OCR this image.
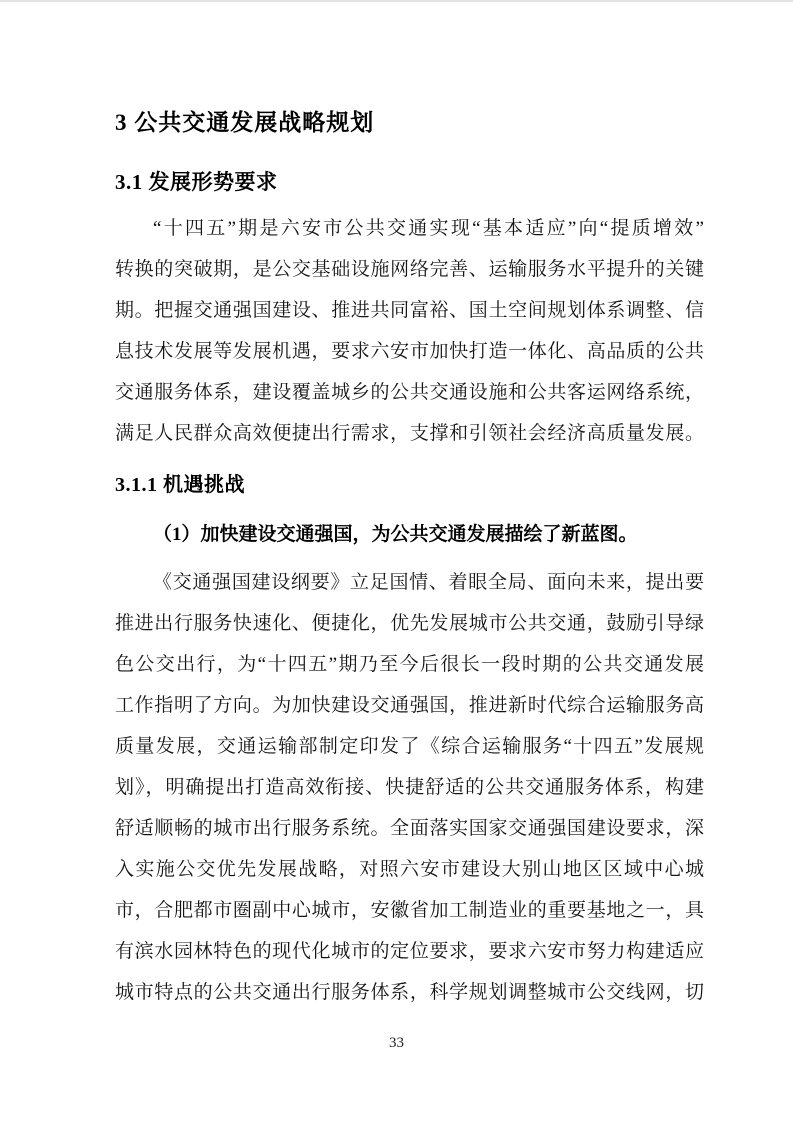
3 公共交通发展战略规划
3.1 发展形势要求
“十四五”期是六安市公共交通实现“基本适应”向“提质增效”
转换的突破期，是公交基础设施网络完善、运输服务水平提升的关键
期。把握交通强国建设、推进共同富裕、国土空间规划体系调整、信
息技术发展等发展机遇，要求六安市加快打造一体化、高品质的公共
交通服务体系，建设覆盖城乡的公共交通设施和公共客运网络系统，
满足人民群众高效便捷出行需求，支撑和引领社会经济高质量发展。
3.1.1 机遇挑战
（1）加快建设交通强国，为公共交通发展描绘了新蓝图。
《交通强国建设纲要》立足国情、着眼全局、面向未来，提出要
推进出行服务快速化、便捷化，优先发展城市公共交通，鼓励引导绿
色公交出行，为“十四五”期乃至今后很长一段时期的公共交通发展
工作指明了方向。为加快建设交通强国，推进新时代综合运输服务高
质量发展，交通运输部制定印发了《综合运输服务“十四五”发展规
划》，明确提出打造高效衔接、快捷舒适的公共交通服务体系，构建
舒适顺畅的城市出行服务系统。全面落实国家交通强国建设要求，深
入实施公交优先发展战略，对照六安市建设大别山地区区域中心城
市，合肥都市圈副中心城市，安徽省加工制造业的重要基地之一，具
有滨水园林特色的现代化城市的定位要求，要求六安市努力构建适应
城市特点的公共交通出行服务体系，科学规划调整城市公交线网，切
33
